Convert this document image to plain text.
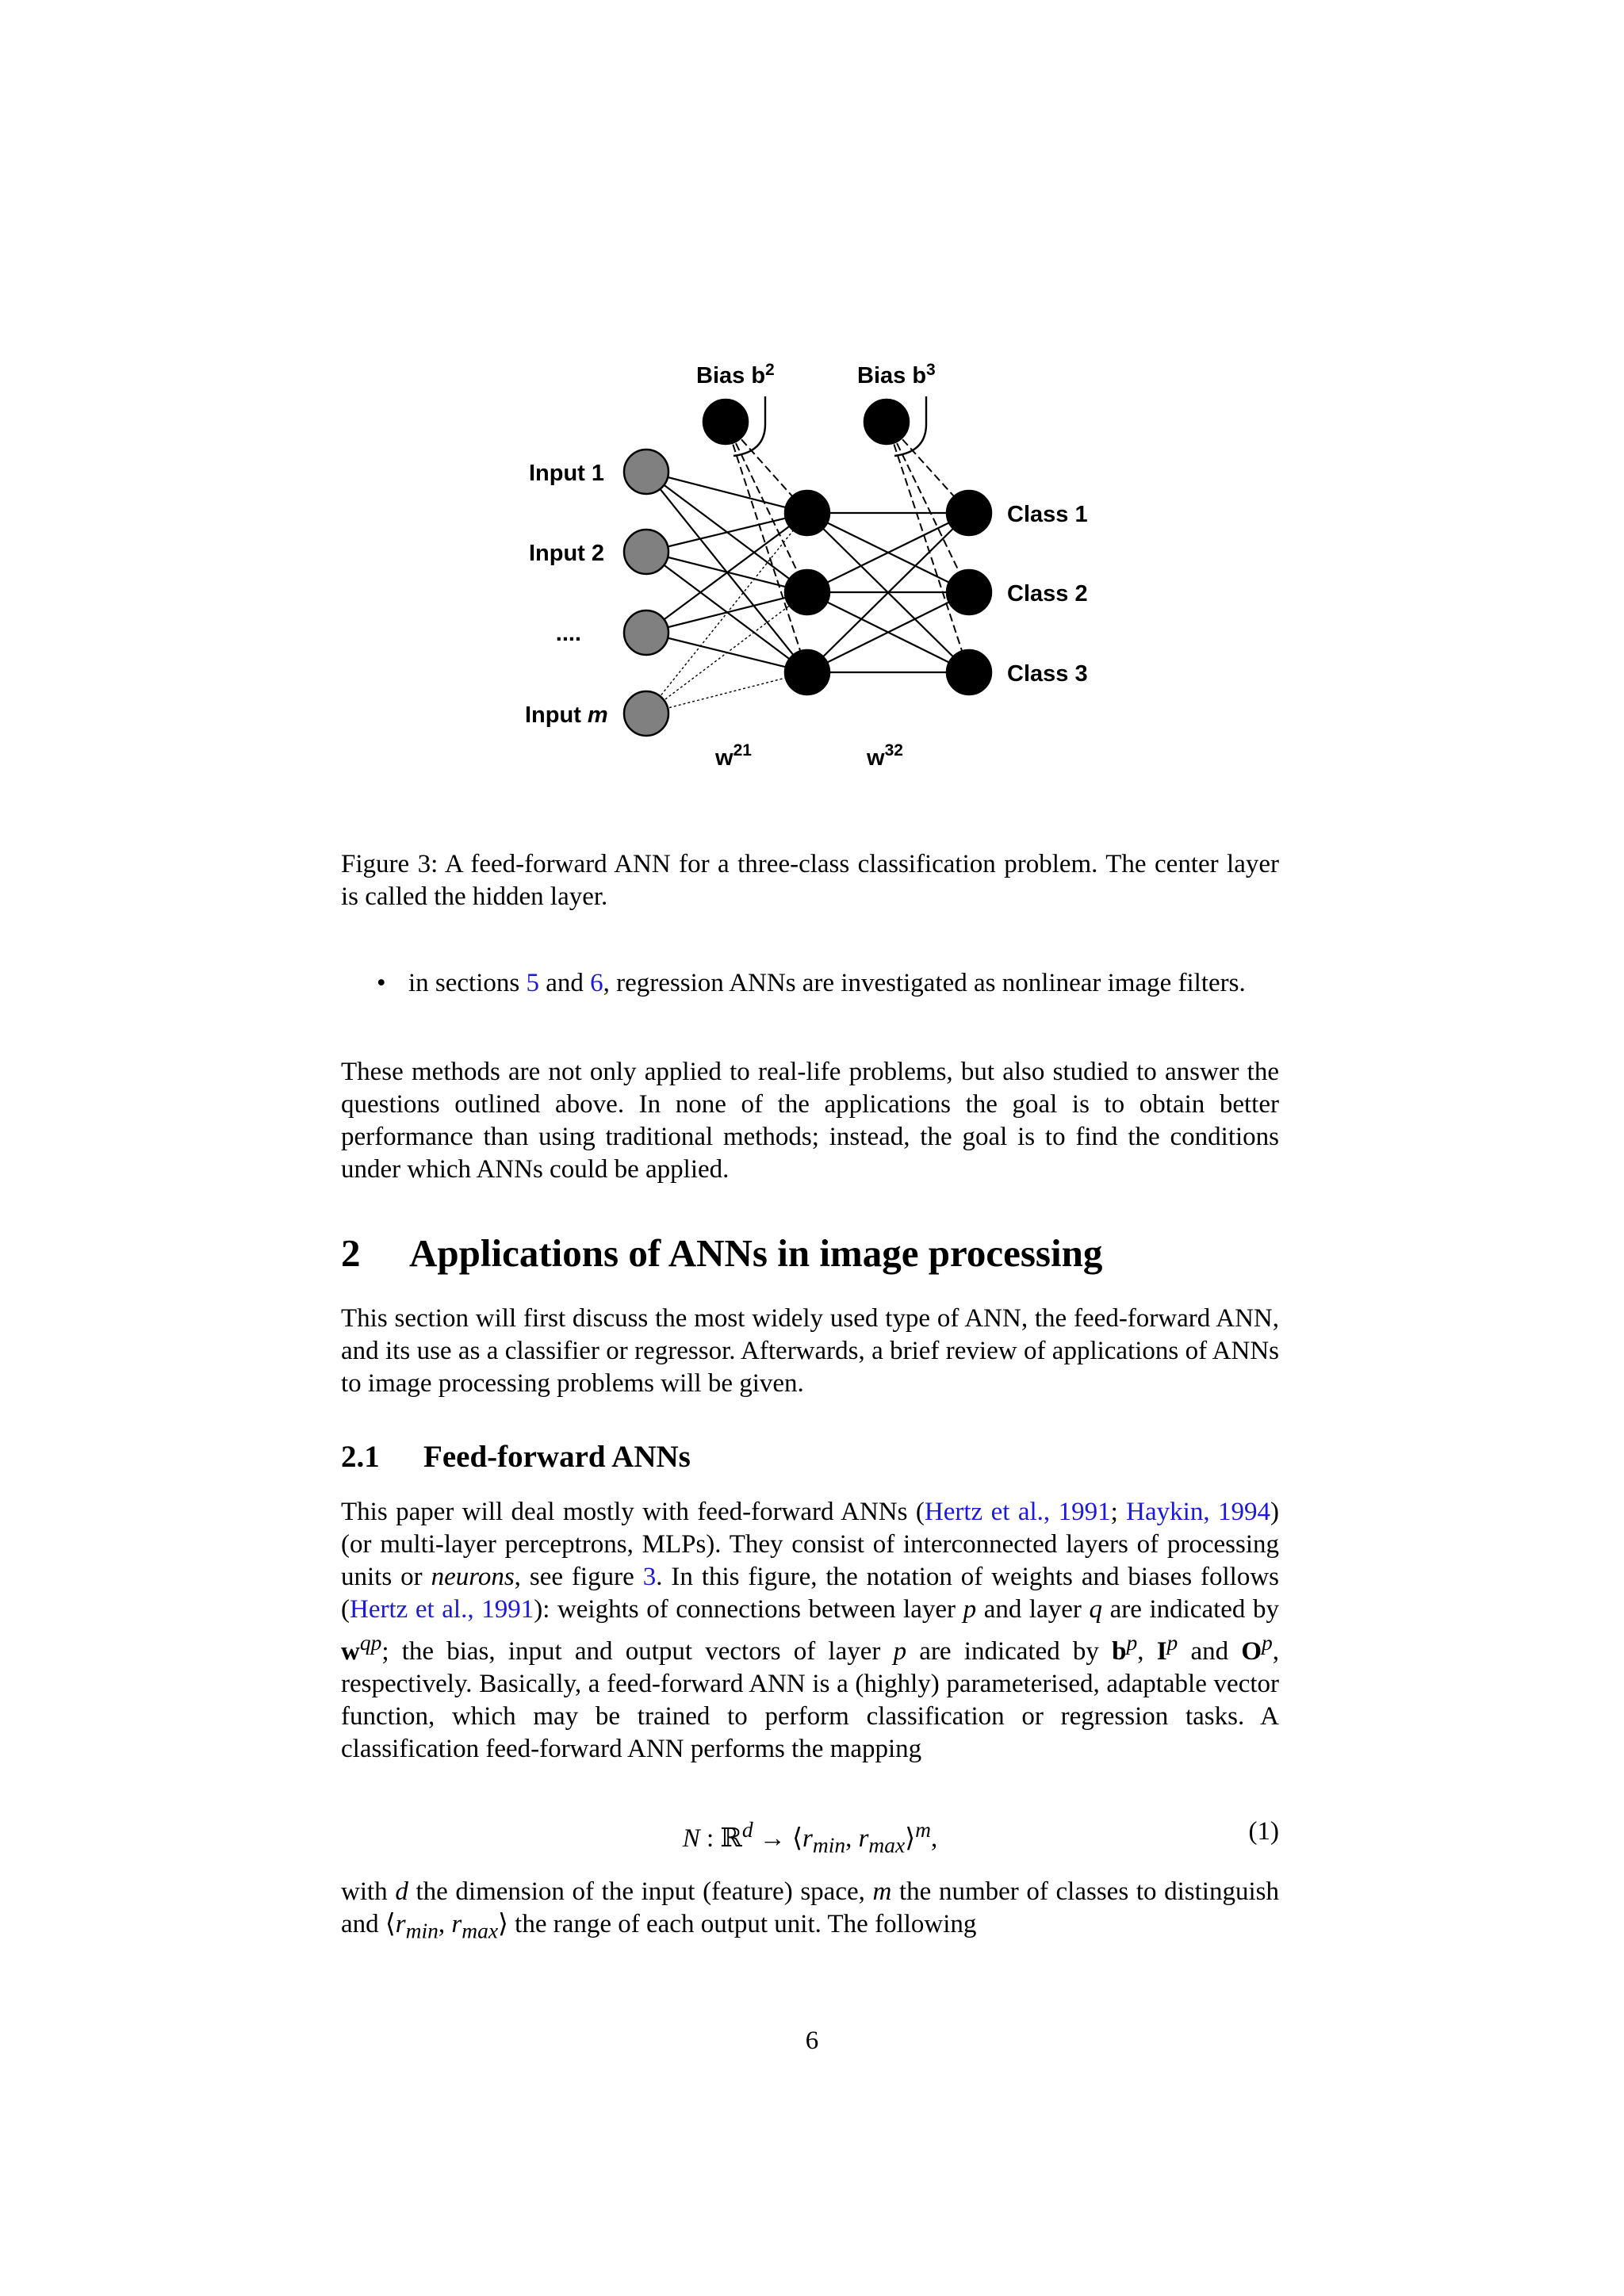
Bias $b^2$	Bias $b^3$
Input 1
Input 2
....
Input m
Class 1
Class 2
Class 3
$w^{21}$	$w^{32}$

Figure 3: A feed-forward ANN for a three-class classification problem. The center layer is called the hidden layer.

• in sections 5 and 6, regression ANNs are investigated as nonlinear image filters.

These methods are not only applied to real-life problems, but also studied to answer the questions outlined above. In none of the applications the goal is to obtain better performance than using traditional methods; instead, the goal is to find the conditions under which ANNs could be applied.

2 Applications of ANNs in image processing

This section will first discuss the most widely used type of ANN, the feed-forward ANN, and its use as a classifier or regressor. Afterwards, a brief review of applications of ANNs to image processing problems will be given.

2.1 Feed-forward ANNs

This paper will deal mostly with feed-forward ANNs (Hertz et al., 1991; Haykin, 1994) (or multi-layer perceptrons, MLPs). They consist of interconnected layers of processing units or neurons, see figure 3. In this figure, the notation of weights and biases follows (Hertz et al., 1991): weights of connections between layer p and layer q are indicated by $w^{qp}$; the bias, input and output vectors of layer p are indicated by $b^p$, $I^p$ and $O^p$, respectively. Basically, a feed-forward ANN is a (highly) parameterised, adaptable vector function, which may be trained to perform classification or regression tasks. A classification feed-forward ANN performs the mapping

N : ℝ$^d$ → $⟨r_{min}$, $r_{max}⟩^m$,	(1)

with d the dimension of the input (feature) space, m the number of classes to distinguish and $⟨r_{min}$, $r_{max}⟩$ the range of each output unit. The following

6
